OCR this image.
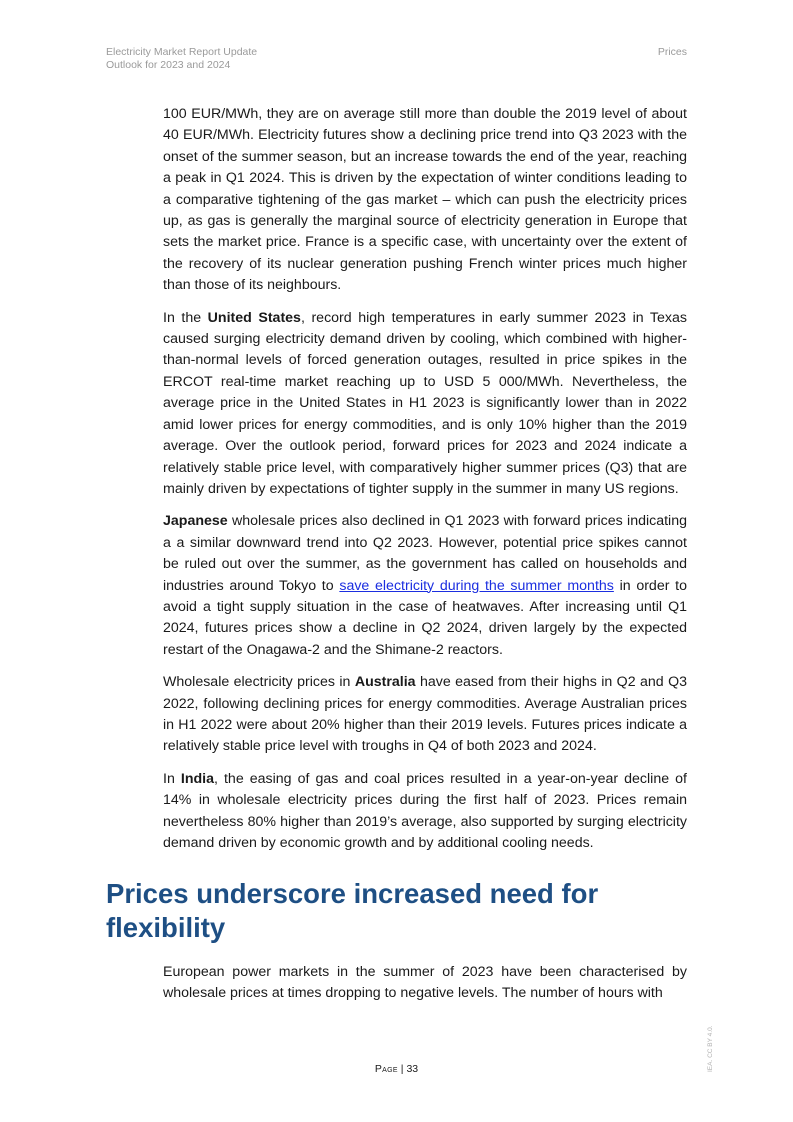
Electricity Market Report Update
Outlook for 2023 and 2024
Prices

100 EUR/MWh, they are on average still more than double the 2019 level of about 40 EUR/MWh. Electricity futures show a declining price trend into Q3 2023 with the onset of the summer season, but an increase towards the end of the year, reaching a peak in Q1 2024. This is driven by the expectation of winter conditions leading to a comparative tightening of the gas market – which can push the electricity prices up, as gas is generally the marginal source of electricity generation in Europe that sets the market price. France is a specific case, with uncertainty over the extent of the recovery of its nuclear generation pushing French winter prices much higher than those of its neighbours.

In the United States, record high temperatures in early summer 2023 in Texas caused surging electricity demand driven by cooling, which combined with higher-than-normal levels of forced generation outages, resulted in price spikes in the ERCOT real-time market reaching up to USD 5 000/MWh. Nevertheless, the average price in the United States in H1 2023 is significantly lower than in 2022 amid lower prices for energy commodities, and is only 10% higher than the 2019 average. Over the outlook period, forward prices for 2023 and 2024 indicate a relatively stable price level, with comparatively higher summer prices (Q3) that are mainly driven by expectations of tighter supply in the summer in many US regions.

Japanese wholesale prices also declined in Q1 2023 with forward prices indicating a a similar downward trend into Q2 2023. However, potential price spikes cannot be ruled out over the summer, as the government has called on households and industries around Tokyo to save electricity during the summer months in order to avoid a tight supply situation in the case of heatwaves. After increasing until Q1 2024, futures prices show a decline in Q2 2024, driven largely by the expected restart of the Onagawa-2 and the Shimane-2 reactors.

Wholesale electricity prices in Australia have eased from their highs in Q2 and Q3 2022, following declining prices for energy commodities. Average Australian prices in H1 2022 were about 20% higher than their 2019 levels. Futures prices indicate a relatively stable price level with troughs in Q4 of both 2023 and 2024.

In India, the easing of gas and coal prices resulted in a year-on-year decline of 14% in wholesale electricity prices during the first half of 2023. Prices remain nevertheless 80% higher than 2019’s average, also supported by surging electricity demand driven by economic growth and by additional cooling needs.

Prices underscore increased need for flexibility

European power markets in the summer of 2023 have been characterised by wholesale prices at times dropping to negative levels. The number of hours with

Page | 33	IEA. CC BY 4.0.
